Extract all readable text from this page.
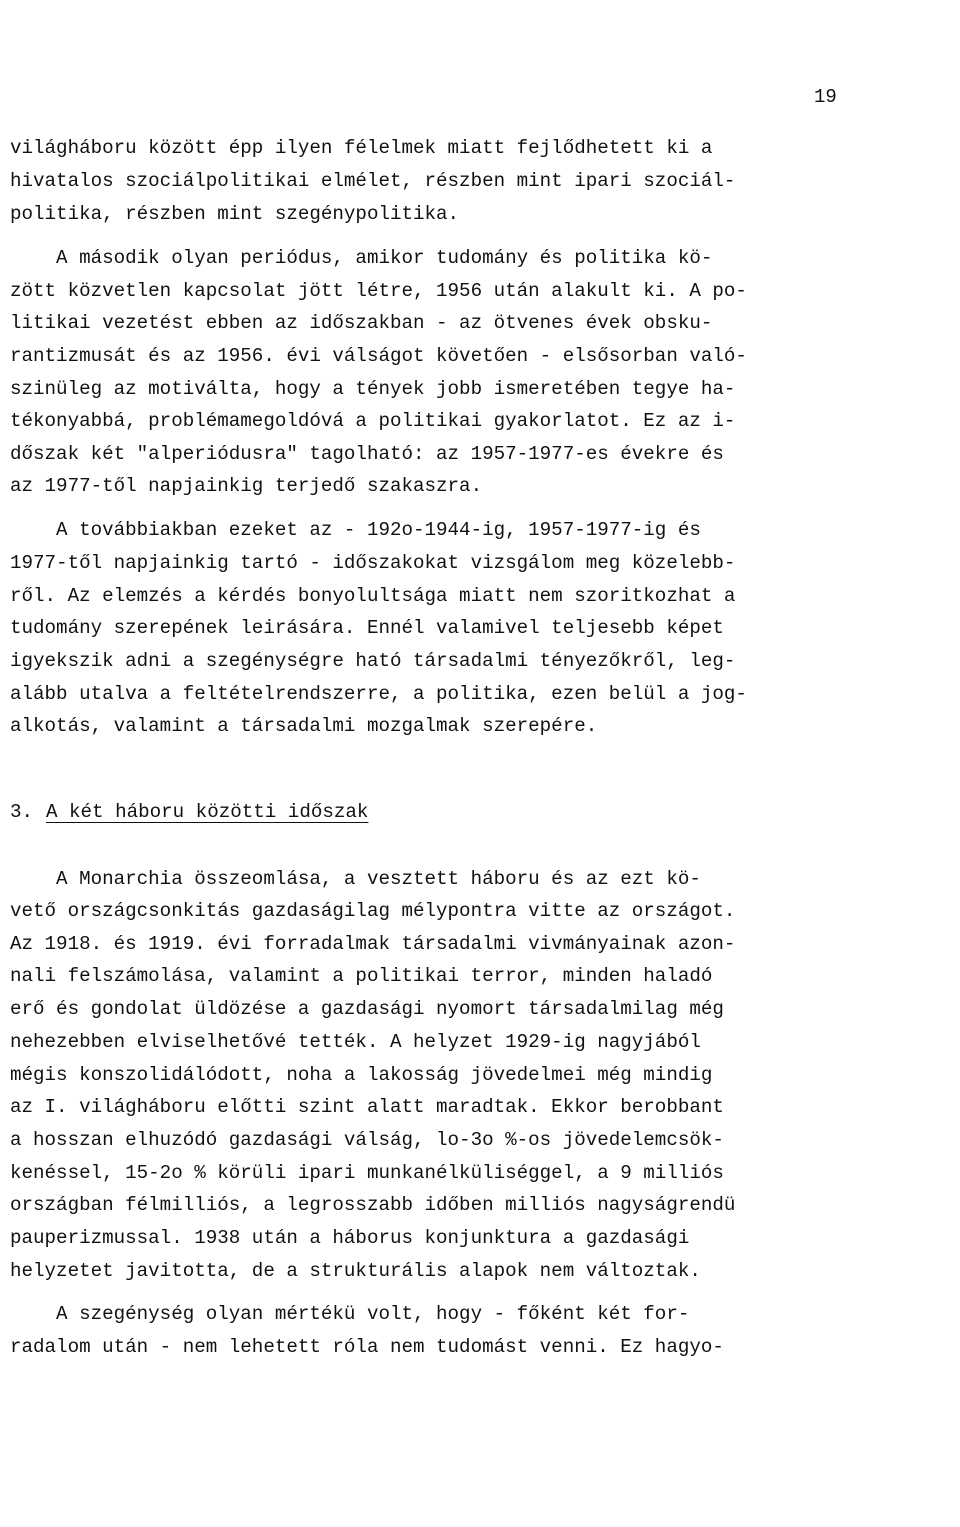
19
világháboru között épp ilyen félelmek miatt fejlődhetett ki a
hivatalos szociálpolitikai elmélet, részben mint ipari szociál-
politika, részben mint szegénypolitika.
A második olyan periódus, amikor tudomány és politika kö-
zött közvetlen kapcsolat jött létre, 1956 után alakult ki. A po-
litikai vezetést ebben az időszakban - az ötvenes évek obsku-
rantizmusát és az 1956. évi válságot követően - elsősorban való-
szinüleg az motiválta, hogy a tények jobb ismeretében tegye ha-
tékonyabbá, problémamegoldóvá a politikai gyakorlatot. Ez az i-
dőszak két "alperiódusra" tagolható: az 1957-1977-es évekre és
az 1977-től napjainkig terjedő szakaszra.
A továbbiakban ezeket az - 192o-1944-ig, 1957-1977-ig és
1977-től napjainkig tartó - időszakokat vizsgálom meg közelebb-
ről. Az elemzés a kérdés bonyolultsága miatt nem szoritkozhat a
tudomány szerepének leirására. Ennél valamivel teljesebb képet
igyekszik adni a szegénységre ható társadalmi tényezőkről, leg-
alább utalva a feltételrendszerre, a politika, ezen belül a jog-
alkotás, valamint a társadalmi mozgalmak szerepére.
3. A két háboru közötti időszak
A Monarchia összeomlása, a vesztett háboru és az ezt kö-
vető országcsonkitás gazdaságilag mélypontra vitte az országot.
Az 1918. és 1919. évi forradalmak társadalmi vivmányainak azon-
nali felszámolása, valamint a politikai terror, minden haladó
erő és gondolat üldözése a gazdasági nyomort társadalmilag még
nehezebben elviselhetővé tették. A helyzet 1929-ig nagyjából
mégis konszolidálódott, noha a lakosság jövedelmei még mindig
az I. világháboru előtti szint alatt maradtak. Ekkor berobbant
a hosszan elhuzódó gazdasági válság, lo-3o %-os jövedelemcsök-
kenéssel, 15-2o % körüli ipari munkanélküliséggel, a 9 milliós
országban félmilliós, a legrosszabb időben milliós nagyságrendü
pauperizmussal. 1938 után a háborus konjunktura a gazdasági
helyzetet javitotta, de a strukturális alapok nem változtak.
A szegénység olyan mértékü volt, hogy - főként két for-
radalom után - nem lehetett róla nem tudomást venni. Ez hagyo-
